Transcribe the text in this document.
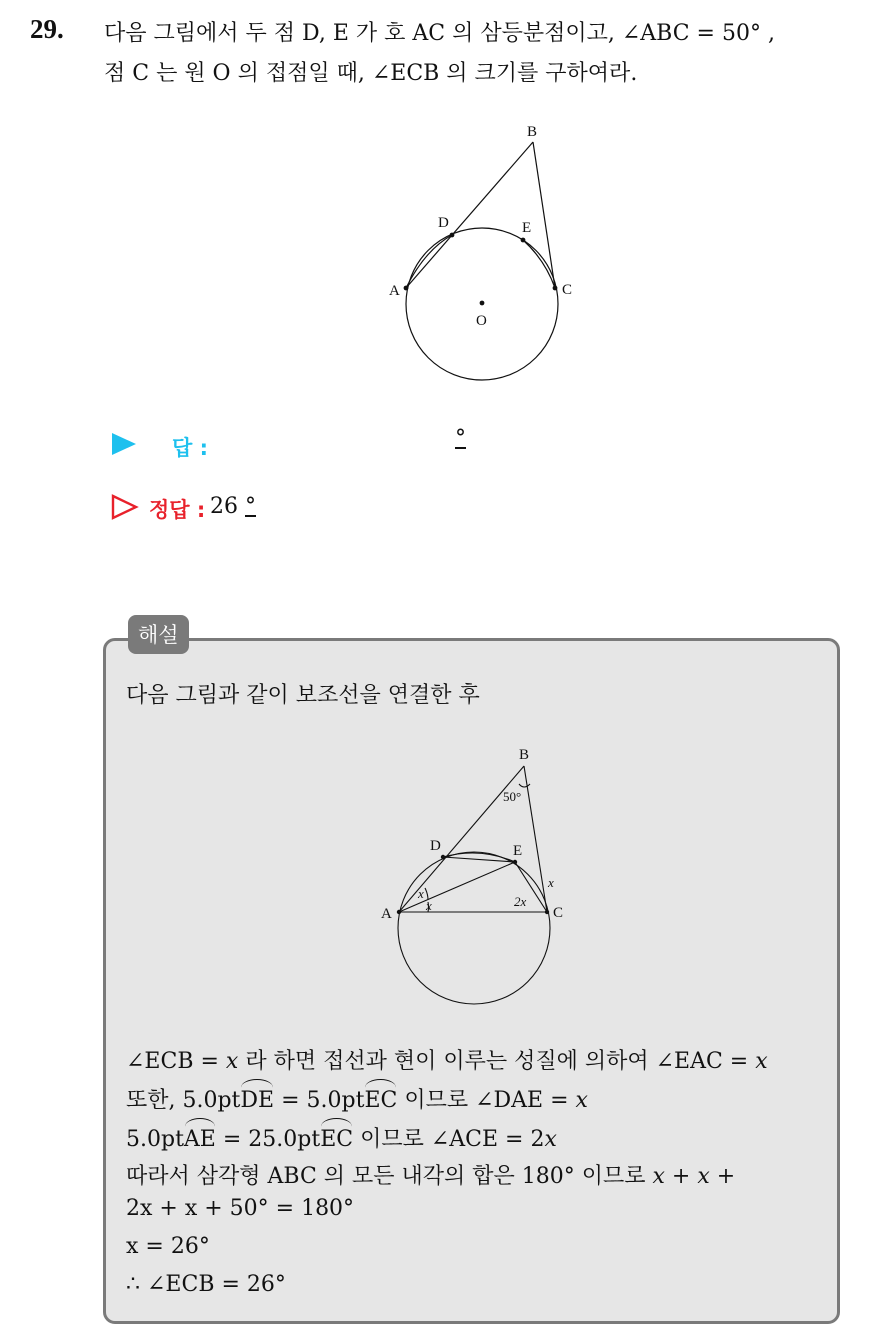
29. 다음 그림에서 두 점 D, E 가 호 AC 의 삼등분점이고, ∠ABC = 50° ,
점 C 는 원 O 의 접점일 때, ∠ECB 의 크기를 구하여라.
B
D	E
A	C
O
답 :	°
정답 : 26 °
해설
다음 그림과 같이 보조선을 연결한 후
B
50°
D	E
A	C
x
x
x	2x
∠ECB = x 라 하면 접선과 현이 이루는 성질에 의하여 ∠EAC = x
또한, 5.0ptDE = 5.0ptEC 이므로 ∠DAE = x
5.0ptAE = 25.0ptEC 이므로 ∠ACE = 2x
따라서 삼각형 ABC 의 모든 내각의 합은 180° 이므로 x + x +
2x + x + 50° = 180°
x = 26°
∴ ∠ECB = 26°
